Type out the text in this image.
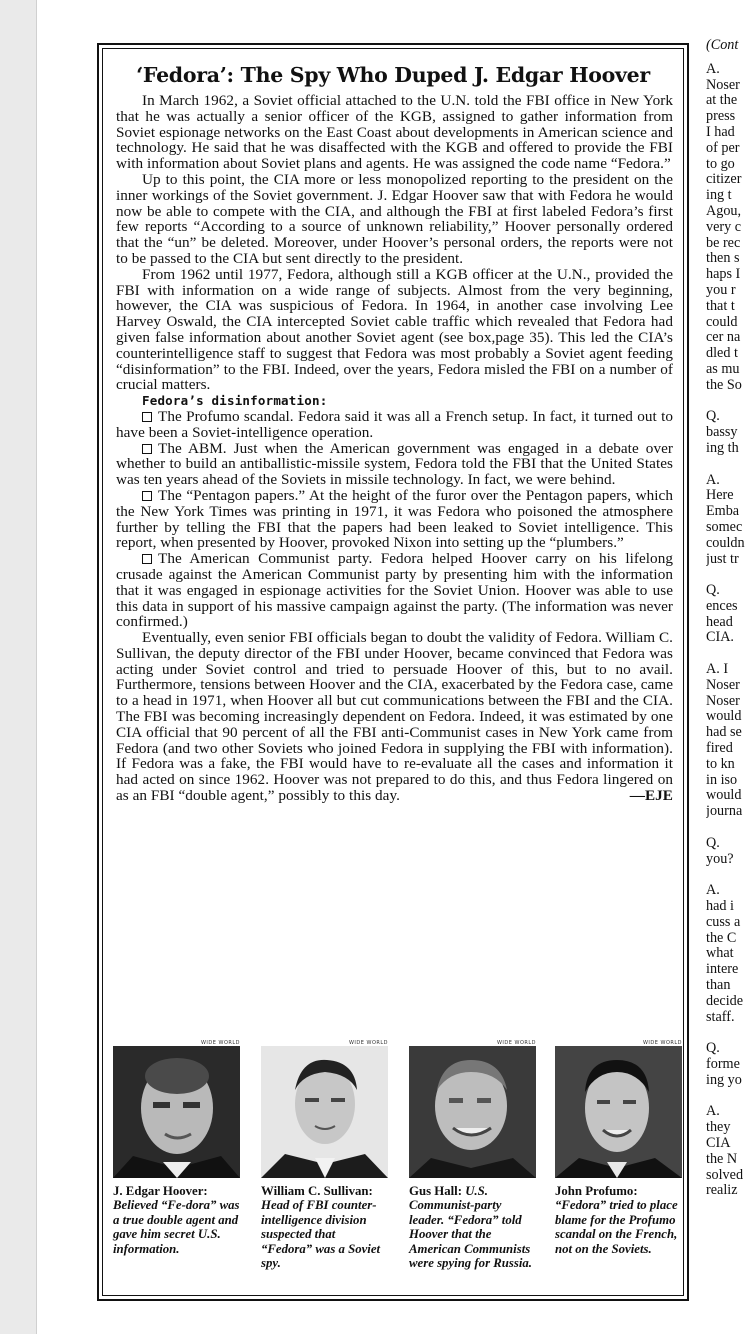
‘Fedora’: The Spy Who Duped J. Edgar Hoover

In March 1962, a Soviet official attached to the U.N. told the FBI office in New York that he was actually a senior officer of the KGB, assigned to gather information from Soviet espionage networks on the East Coast about developments in American science and technology. He said that he was disaffected with the KGB and offered to provide the FBI with information about Soviet plans and agents. He was assigned the code name “Fedora.”

Up to this point, the CIA more or less monopolized reporting to the president on the inner workings of the Soviet government. J. Edgar Hoover saw that with Fedora he would now be able to compete with the CIA, and although the FBI at first labeled Fedora’s first few reports “According to a source of unknown reliability,” Hoover personally ordered that the “un” be deleted. Moreover, under Hoover’s personal orders, the reports were not to be passed to the CIA but sent directly to the president.

From 1962 until 1977, Fedora, although still a KGB officer at the U.N., provided the FBI with information on a wide range of subjects. Almost from the very beginning, however, the CIA was suspicious of Fedora. In 1964, in another case involving Lee Harvey Oswald, the CIA intercepted Soviet cable traffic which revealed that Fedora had given false information about another Soviet agent (see box,page 35). This led the CIA’s counterintelligence staff to suggest that Fedora was most probably a Soviet agent feeding “disinformation” to the FBI. Indeed, over the years, Fedora misled the FBI on a number of crucial matters.

Fedora’s disinformation:

The Profumo scandal. Fedora said it was all a French setup. In fact, it turned out to have been a Soviet-intelligence operation.

The ABM. Just when the American government was engaged in a debate over whether to build an antiballistic-missile system, Fedora told the FBI that the United States was ten years ahead of the Soviets in missile technology. In fact, we were behind.

The “Pentagon papers.” At the height of the furor over the Pentagon papers, which the New York Times was printing in 1971, it was Fedora who poisoned the atmosphere further by telling the FBI that the papers had been leaked to Soviet intelligence. This report, when presented by Hoover, provoked Nixon into setting up the “plumbers.”

The American Communist party. Fedora helped Hoover carry on his lifelong crusade against the American Communist party by presenting him with the information that it was engaged in espionage activities for the Soviet Union. Hoover was able to use this data in support of his massive campaign against the party. (The information was never confirmed.)

Eventually, even senior FBI officials began to doubt the validity of Fedora. William C. Sullivan, the deputy director of the FBI under Hoover, became convinced that Fedora was acting under Soviet control and tried to persuade Hoover of this, but to no avail. Furthermore, tensions between Hoover and the CIA, exacerbated by the Fedora case, came to a head in 1971, when Hoover all but cut communications between the FBI and the CIA. The FBI was becoming increasingly dependent on Fedora. Indeed, it was estimated by one CIA official that 90 percent of all the FBI anti-Communist cases in New York came from Fedora (and two other Soviets who joined Fedora in supplying the FBI with information). If Fedora was a fake, the FBI would have to re-evaluate all the cases and information it had acted on since 1962. Hoover was not prepared to do this, and thus Fedora lingered on as an FBI “double agent,” possibly to this day.	—EJE

WIDE WORLD
J. Edgar Hoover: Believed “Fe-dora” was a true double agent and gave him secret U.S. information.
WIDE WORLD
William C. Sullivan: Head of FBI counter-intelligence division suspected that “Fedora” was a Soviet spy.
WIDE WORLD
Gus Hall: U.S. Communist-party leader. “Fedora” told Hoover that the American Communists were spying for Russia.
WIDE WORLD
John Profumo: “Fedora” tried to place blame for the Profumo scandal on the French, not on the Soviets.
(Cont
A.
Noser
at the
press
I had
of per
to go
citizer
ing t
Agou,
very c
be rec
then s
haps I
you r
that t
could
cer na
dled t
as mu
the So
Q.
bassy
ing th
A.
Here
Emba
somec
couldn
just tr
Q.
ences
head
CIA.
A. I
Noser
Noser
would
had se
fired
to kn
in iso
would
journa
Q.
you?
A.
had i
cuss a
the C
what
intere
than
decide
staff.
Q.
forme
ing yo
A.
they
CIA
the N
solved
realiz
